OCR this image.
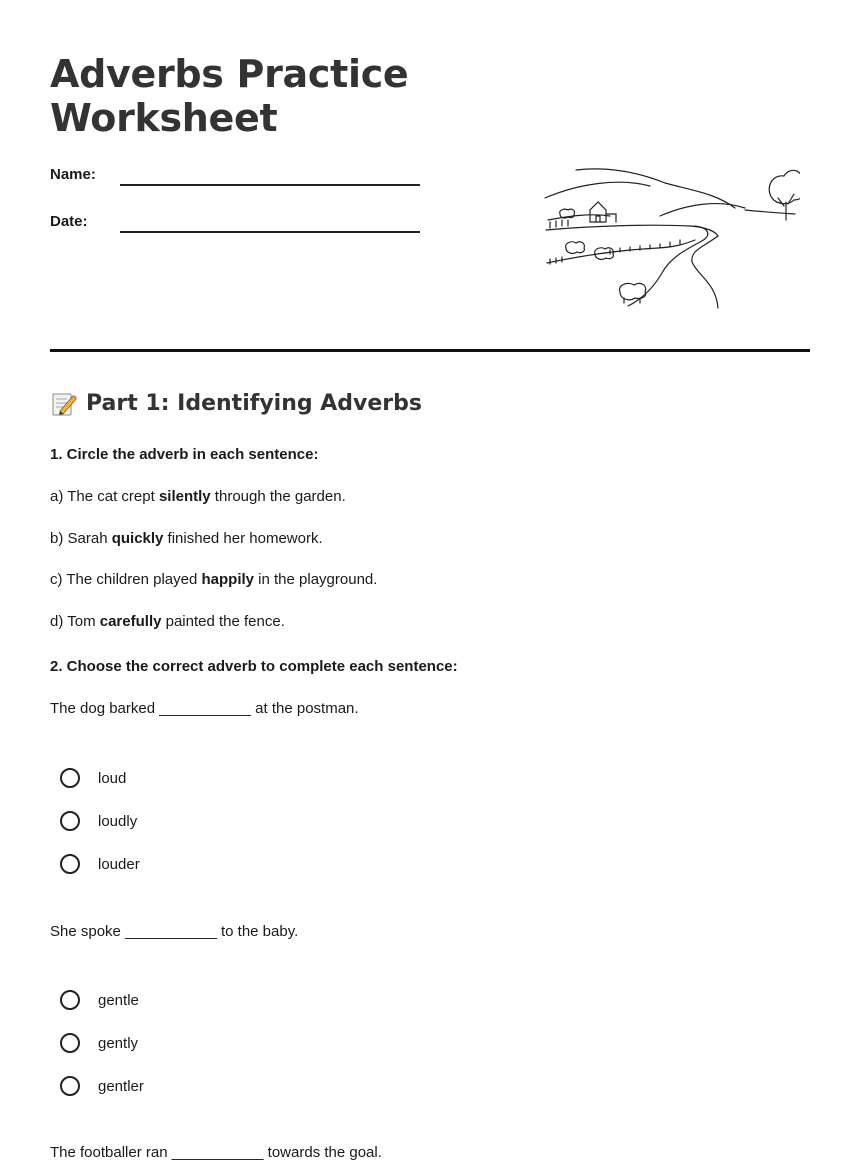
Adverbs Practice Worksheet
Name:
Date:
Part 1: Identifying Adverbs
1. Circle the adverb in each sentence:
a) The cat crept silently through the garden.
b) Sarah quickly finished her homework.
c) The children played happily in the playground.
d) Tom carefully painted the fence.
2. Choose the correct adverb to complete each sentence:
The dog barked ___________ at the postman.
loud
loudly
louder
She spoke ___________ to the baby.
gentle
gently
gentler
The footballer ran ___________ towards the goal.
